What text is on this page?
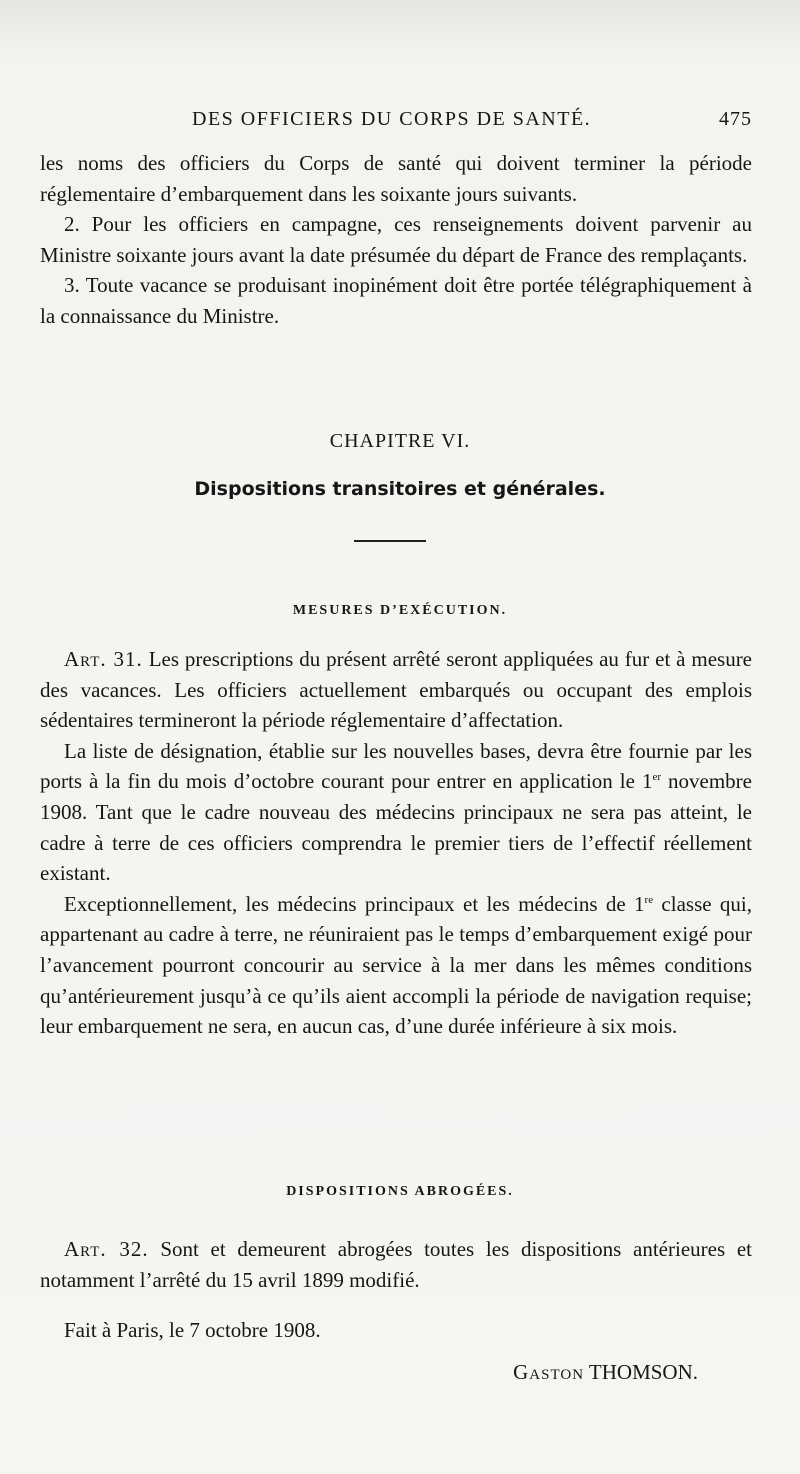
DES OFFICIERS DU CORPS DE SANTÉ.	475

les noms des officiers du Corps de santé qui doivent terminer la période réglementaire d’embarquement dans les soixante jours suivants.

2. Pour les officiers en campagne, ces renseignements doivent parvenir au Ministre soixante jours avant la date présumée du départ de France des remplaçants.

3. Toute vacance se produisant inopinément doit être portée télégraphiquement à la connaissance du Ministre.

CHAPITRE VI.
Dispositions transitoires et générales.
MESURES D’EXÉCUTION.

Art. 31. Les prescriptions du présent arrêté seront appliquées au fur et à mesure des vacances. Les officiers actuellement embarqués ou occupant des emplois sédentaires termineront la période réglementaire d’affectation.

La liste de désignation, établie sur les nouvelles bases, devra être fournie par les ports à la fin du mois d’octobre courant pour entrer en application le 1er novembre 1908. Tant que le cadre nouveau des médecins principaux ne sera pas atteint, le cadre à terre de ces officiers comprendra le premier tiers de l’effectif réellement existant.

Exceptionnellement, les médecins principaux et les médecins de 1re classe qui, appartenant au cadre à terre, ne réuniraient pas le temps d’embarquement exigé pour l’avancement pourront concourir au service à la mer dans les mêmes conditions qu’antérieurement jusqu’à ce qu’ils aient accompli la période de navigation requise; leur embarquement ne sera, en aucun cas, d’une durée inférieure à six mois.

DISPOSITIONS ABROGÉES.

Art. 32. Sont et demeurent abrogées toutes les dispositions antérieures et notamment l’arrêté du 15 avril 1899 modifié.

Fait à Paris, le 7 octobre 1908.
Gaston THOMSON.
